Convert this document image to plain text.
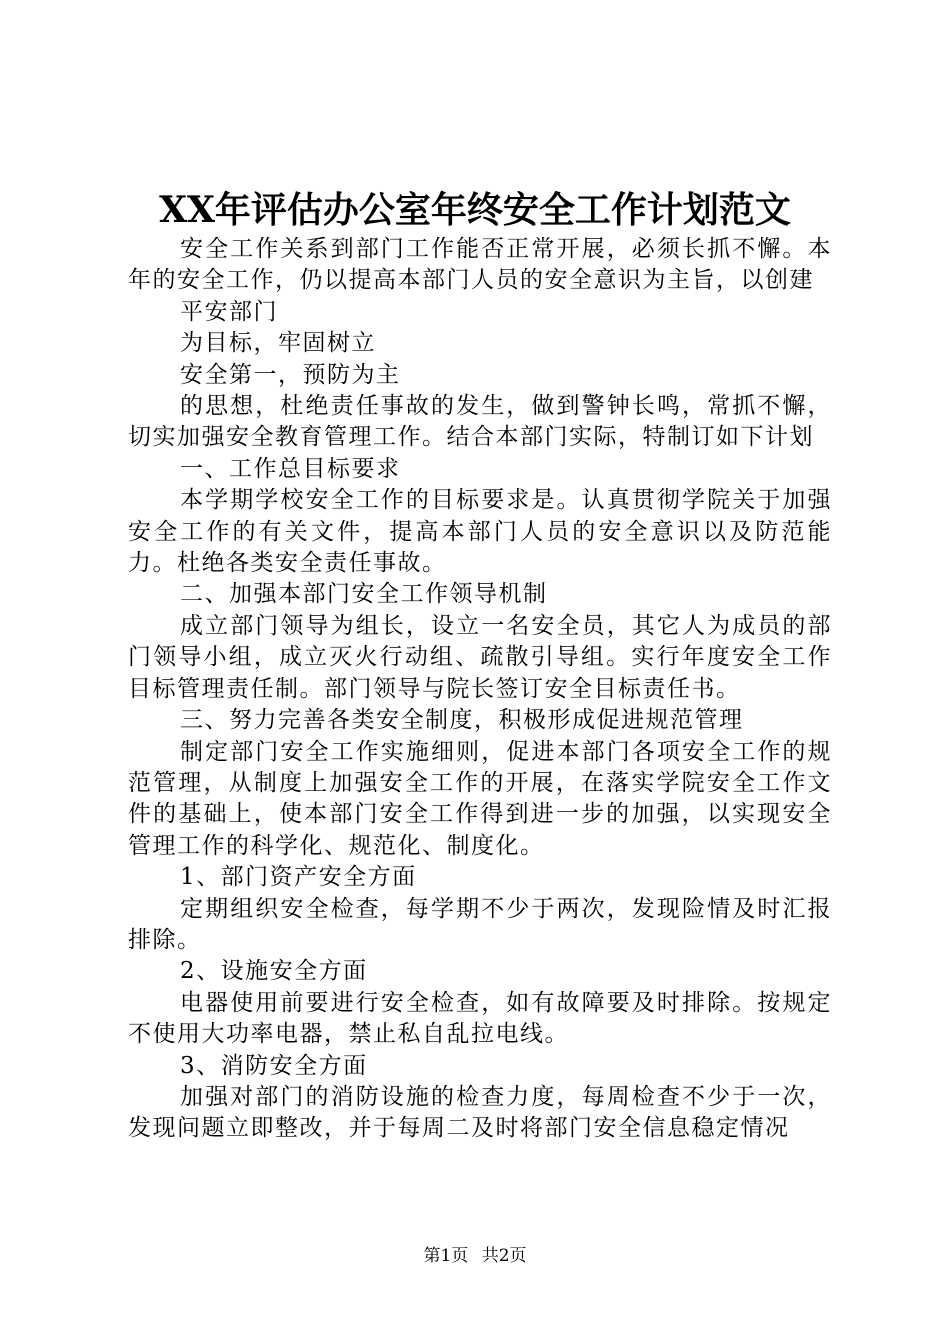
XX年评估办公室年终安全工作计划范文

安全工作关系到部门工作能否正常开展，必须长抓不懈。本年的安全工作，仍以提高本部门人员的安全意识为主旨，以创建

平安部门

为目标，牢固树立

安全第一，预防为主

的思想，杜绝责任事故的发生，做到警钟长鸣，常抓不懈，切实加强安全教育管理工作。结合本部门实际，特制订如下计划

一、工作总目标要求

本学期学校安全工作的目标要求是。认真贯彻学院关于加强安全工作的有关文件，提高本部门人员的安全意识以及防范能力。杜绝各类安全责任事故。

二、加强本部门安全工作领导机制

成立部门领导为组长，设立一名安全员，其它人为成员的部门领导小组，成立灭火行动组、疏散引导组。实行年度安全工作目标管理责任制。部门领导与院长签订安全目标责任书。

三、努力完善各类安全制度，积极形成促进规范管理

制定部门安全工作实施细则，促进本部门各项安全工作的规范管理，从制度上加强安全工作的开展，在落实学院安全工作文件的基础上，使本部门安全工作得到进一步的加强，以实现安全管理工作的科学化、规范化、制度化。

1、部门资产安全方面

定期组织安全检查，每学期不少于两次，发现险情及时汇报排除。

2、设施安全方面

电器使用前要进行安全检查，如有故障要及时排除。按规定不使用大功率电器，禁止私自乱拉电线。

3、消防安全方面

加强对部门的消防设施的检查力度，每周检查不少于一次，发现问题立即整改，并于每周二及时将部门安全信息稳定情况

第1页 共2页
